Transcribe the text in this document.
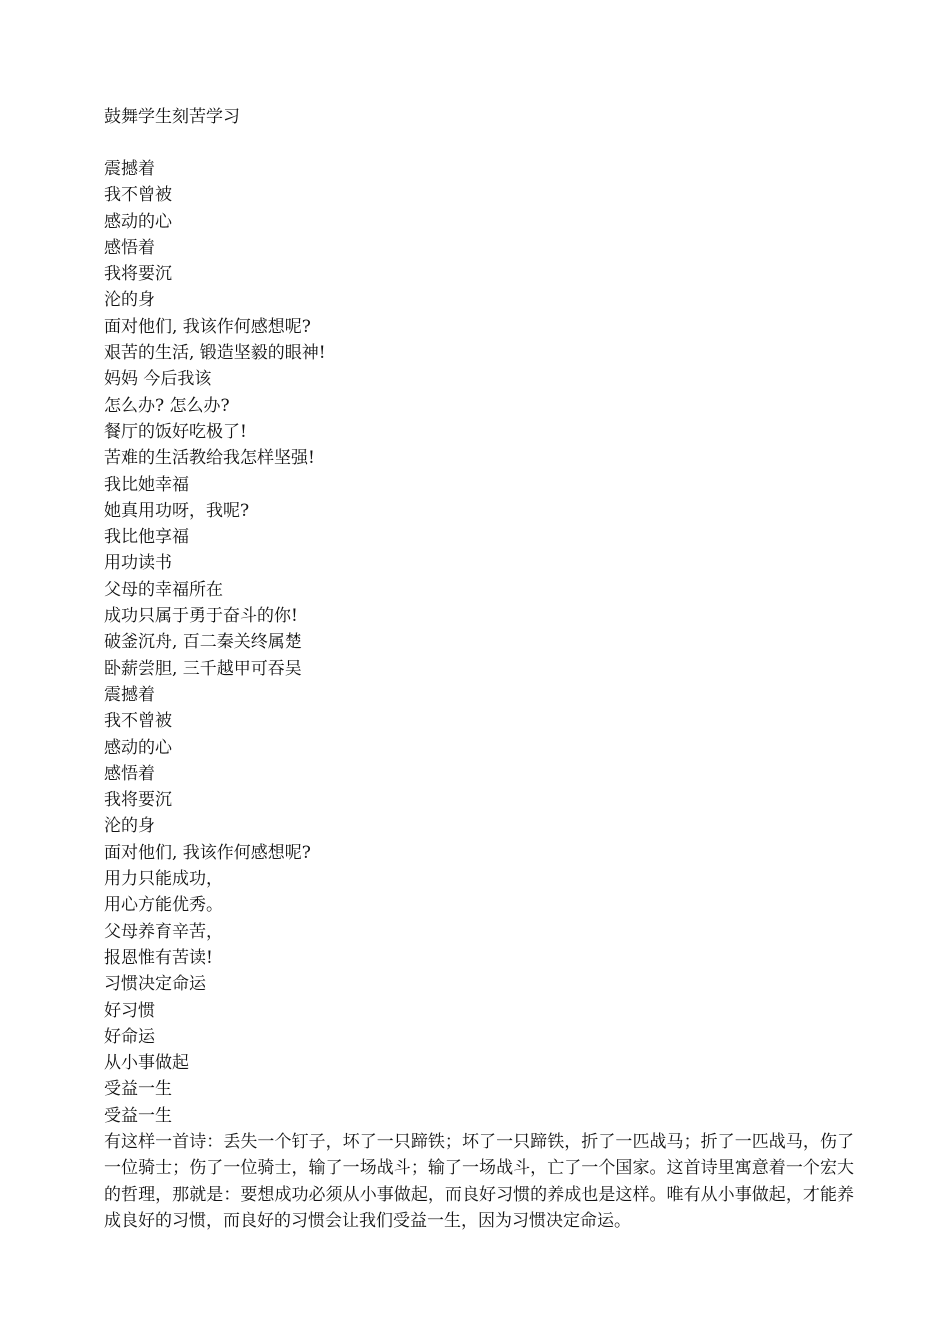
鼓舞学生刻苦学习
震撼着
我不曾被
感动的心
感悟着
我将要沉
沦的身
面对他们, 我该作何感想呢?
艰苦的生活, 锻造坚毅的眼神!
妈妈 今后我该
怎么办? 怎么办?
餐厅的饭好吃极了!
苦难的生活教给我怎样坚强!
我比她幸福
她真用功呀，我呢?
我比他享福
用功读书
父母的幸福所在
成功只属于勇于奋斗的你!
破釜沉舟, 百二秦关终属楚
卧薪尝胆, 三千越甲可吞吴
震撼着
我不曾被
感动的心
感悟着
我将要沉
沦的身
面对他们, 我该作何感想呢?
用力只能成功，
用心方能优秀。
父母养育辛苦，
报恩惟有苦读!
习惯决定命运
好习惯
好命运
从小事做起
受益一生
受益一生

有这样一首诗：丢失一个钉子，坏了一只蹄铁；坏了一只蹄铁，折了一匹战马；折了一匹战马，伤了一位骑士；伤了一位骑士，输了一场战斗；输了一场战斗，亡了一个国家。这首诗里寓意着一个宏大的哲理，那就是：要想成功必须从小事做起，而良好习惯的养成也是这样。唯有从小事做起，才能养成良好的习惯，而良好的习惯会让我们受益一生，因为习惯决定命运。
